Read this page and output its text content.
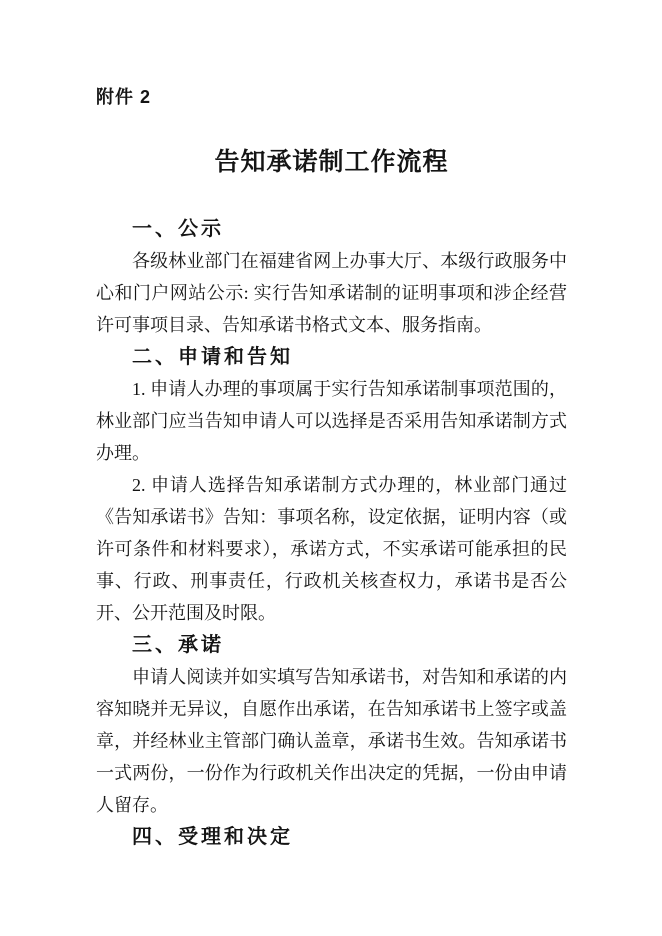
附件 2
告知承诺制工作流程
一、公示

各级林业部门在福建省网上办事大厅、本级行政服务中心和门户网站公示: 实行告知承诺制的证明事项和涉企经营许可事项目录、告知承诺书格式文本、服务指南。

二、申请和告知

1. 申请人办理的事项属于实行告知承诺制事项范围的，林业部门应当告知申请人可以选择是否采用告知承诺制方式办理。

2. 申请人选择告知承诺制方式办理的，林业部门通过《告知承诺书》告知：事项名称，设定依据，证明内容（或许可条件和材料要求），承诺方式，不实承诺可能承担的民事、行政、刑事责任，行政机关核查权力，承诺书是否公开、公开范围及时限。

三、承诺

申请人阅读并如实填写告知承诺书，对告知和承诺的内容知晓并无异议，自愿作出承诺，在告知承诺书上签字或盖章，并经林业主管部门确认盖章，承诺书生效。告知承诺书一式两份，一份作为行政机关作出决定的凭据，一份由申请人留存。

四、受理和决定
